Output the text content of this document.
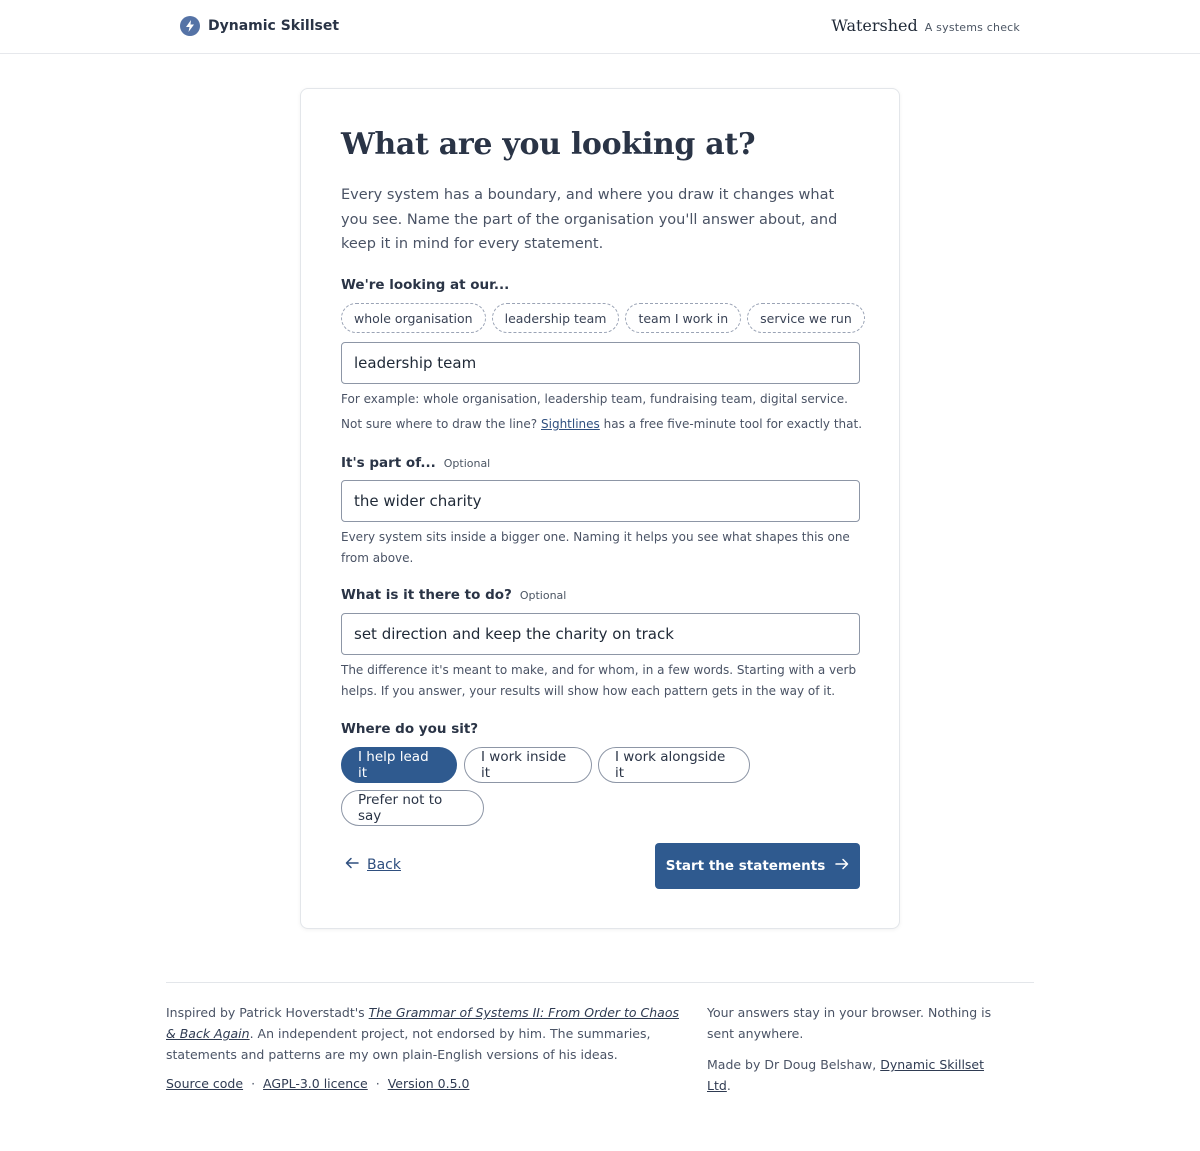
Dynamic Skillset	Watershed A systems check
What are you looking at?

Every system has a boundary, and where you draw it changes what you see. Name the part of the organisation you'll answer about, and keep it in mind for every statement.

We're looking at our...
whole organisation	leadership team	team I work in	service we run
leadership team

For example: whole organisation, leadership team, fundraising team, digital service.

Not sure where to draw the line? Sightlines has a free five-minute tool for exactly that.

It's part of... Optional
the wider charity

Every system sits inside a bigger one. Naming it helps you see what shapes this one from above.

What is it there to do? Optional
set direction and keep the charity on track

The difference it's meant to make, and for whom, in a few words. Starting with a verb helps. If you answer, your results will show how each pattern gets in the way of it.

Where do you sit?
I help lead it
I work inside it
I work alongside it
Prefer not to say
Back	Start the statements

Inspired by Patrick Hoverstadt's The Grammar of Systems II: From Order to Chaos & Back Again. An independent project, not endorsed by him. The summaries, statements and patterns are my own plain-English versions of his ideas.

Source code · AGPL-3.0 licence · Version 0.5.0

Your answers stay in your browser. Nothing is sent anywhere.

Made by Dr Doug Belshaw, Dynamic Skillset Ltd.
